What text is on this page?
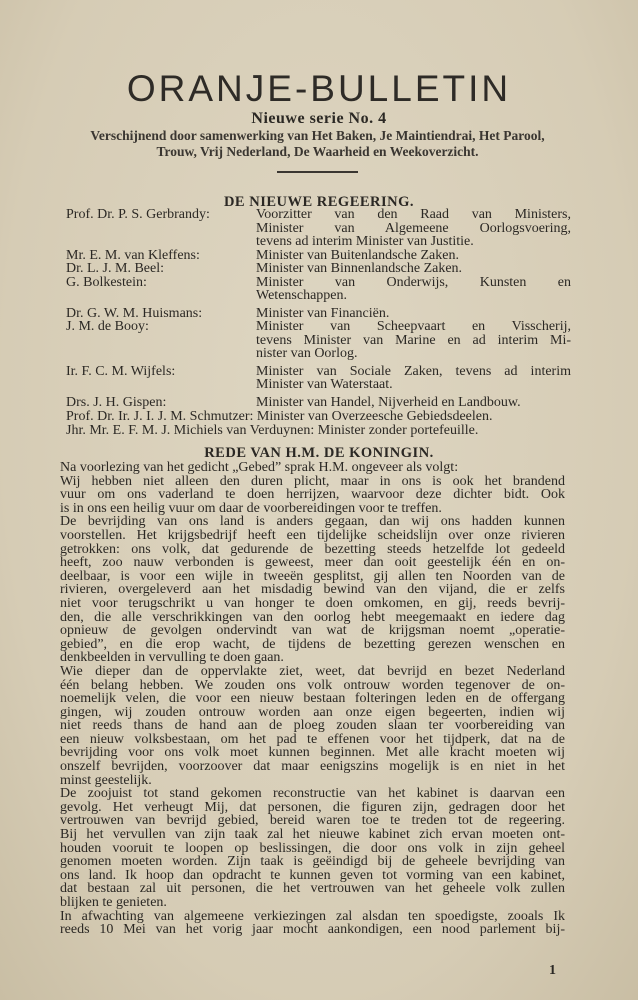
ORANJE-BULLETIN
Nieuwe serie No. 4
Verschijnend door samenwerking van Het Baken, Je Maintiendrai, Het Parool,
Trouw, Vrij Nederland, De Waarheid en Weekoverzicht.
DE NIEUWE REGEERING.
Prof. Dr. P. S. Gerbrandy:	Voorzitter van den Raad van Ministers,
Minister van Algemeene Oorlogsvoering,
tevens ad interim Minister van Justitie.
Mr. E. M. van Kleffens:	Minister van Buitenlandsche Zaken.
Dr. L. J. M. Beel:	Minister van Binnenlandsche Zaken.
G. Bolkestein:	Minister van Onderwijs, Kunsten en
Wetenschappen.
Dr. G. W. M. Huismans:	Minister van Financiën.
J. M. de Booy:	Minister van Scheepvaart en Visscherij,
tevens Minister van Marine en ad interim Mi-
nister van Oorlog.
Ir. F. C. M. Wijfels:	Minister van Sociale Zaken, tevens ad interim
Minister van Waterstaat.
Drs. J. H. Gispen:	Minister van Handel, Nijverheid en Landbouw.
Prof. Dr. Ir. J. I. J. M. Schmutzer: Minister van Overzeesche Gebiedsdeelen.
Jhr. Mr. E. F. M. J. Michiels van Verduynen: Minister zonder portefeuille.
REDE VAN H.M. DE KONINGIN.
Na voorlezing van het gedicht „Gebed” sprak H.M. ongeveer als volgt:
Wij hebben niet alleen den duren plicht, maar in ons is ook het brandend
vuur om ons vaderland te doen herrijzen, waarvoor deze dichter bidt. Ook
is in ons een heilig vuur om daar de voorbereidingen voor te treffen.
De bevrijding van ons land is anders gegaan, dan wij ons hadden kunnen
voorstellen. Het krijgsbedrijf heeft een tijdelijke scheidslijn over onze rivieren
getrokken: ons volk, dat gedurende de bezetting steeds hetzelfde lot gedeeld
heeft, zoo nauw verbonden is geweest, meer dan ooit geestelijk één en on-
deelbaar, is voor een wijle in tweeën gesplitst, gij allen ten Noorden van de
rivieren, overgeleverd aan het misdadig bewind van den vijand, die er zelfs
niet voor terugschrikt u van honger te doen omkomen, en gij, reeds bevrij-
den, die alle verschrikkingen van den oorlog hebt meegemaakt en iedere dag
opnieuw de gevolgen ondervindt van wat de krijgsman noemt „operatie-
gebied”, en die erop wacht, de tijdens de bezetting gerezen wenschen en
denkbeelden in vervulling te doen gaan.
Wie dieper dan de oppervlakte ziet, weet, dat bevrijd en bezet Nederland
één belang hebben. We zouden ons volk ontrouw worden tegenover de on-
noemelijk velen, die voor een nieuw bestaan folteringen leden en de offergang
gingen, wij zouden ontrouw worden aan onze eigen begeerten, indien wij
niet reeds thans de hand aan de ploeg zouden slaan ter voorbereiding van
een nieuw volksbestaan, om het pad te effenen voor het tijdperk, dat na de
bevrijding voor ons volk moet kunnen beginnen. Met alle kracht moeten wij
onszelf bevrijden, voorzoover dat maar eenigszins mogelijk is en niet in het
minst geestelijk.
De zoojuist tot stand gekomen reconstructie van het kabinet is daarvan een
gevolg. Het verheugt Mij, dat personen, die figuren zijn, gedragen door het
vertrouwen van bevrijd gebied, bereid waren toe te treden tot de regeering.
Bij het vervullen van zijn taak zal het nieuwe kabinet zich ervan moeten ont-
houden vooruit te loopen op beslissingen, die door ons volk in zijn geheel
genomen moeten worden. Zijn taak is geëindigd bij de geheele bevrijding van
ons land. Ik hoop dan opdracht te kunnen geven tot vorming van een kabinet,
dat bestaan zal uit personen, die het vertrouwen van het geheele volk zullen
blijken te genieten.
In afwachting van algemeene verkiezingen zal alsdan ten spoedigste, zooals Ik
reeds 10 Mei van het vorig jaar mocht aankondigen, een nood parlement bij-
1
